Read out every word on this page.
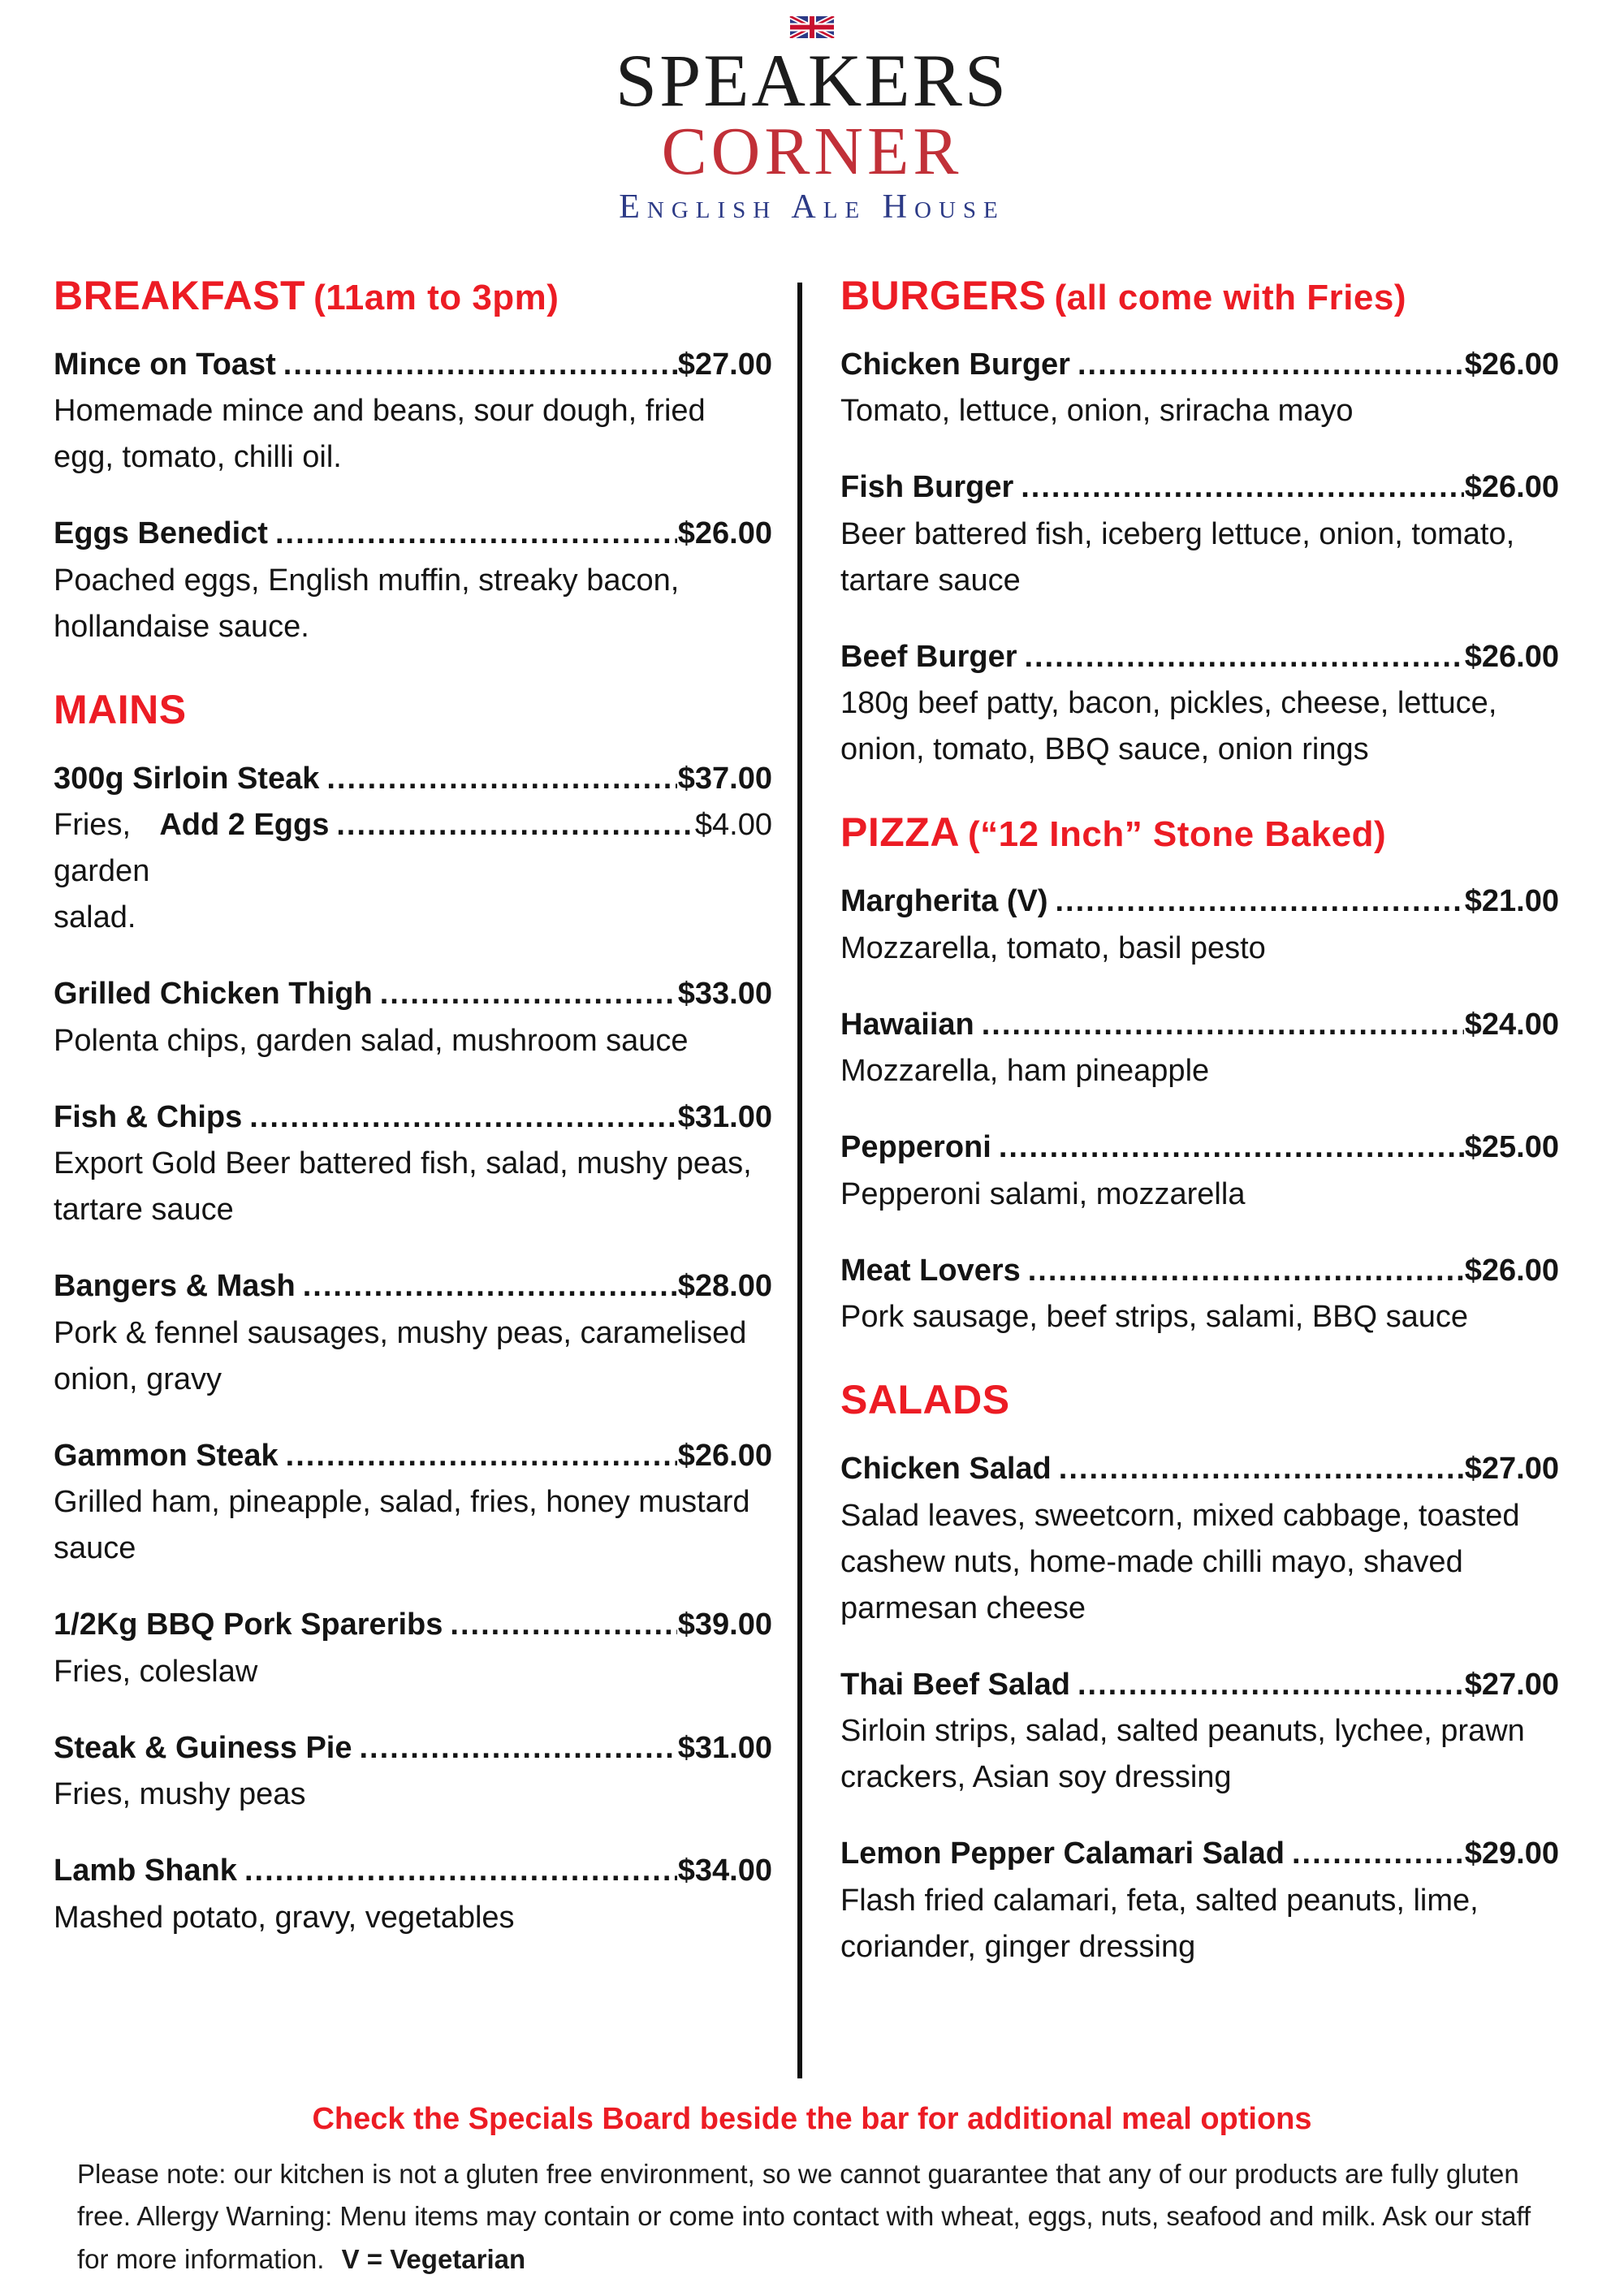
SPEAKERS
CORNER
English Ale House
BREAKFAST (11am to 3pm)
Mince on Toast .....	$27.00

Homemade mince and beans, sour dough, fried egg, tomato, chilli oil.

Eggs Benedict .....	$26.00

Poached eggs, English muffin, streaky bacon, hollandaise sauce.

MAINS
300g Sirloin Steak .....	$37.00
Fries, garden salad.
Add 2 Eggs .....	$4.00
Grilled Chicken Thigh .....	$33.00

Polenta chips, garden salad, mushroom sauce

Fish & Chips .....	$31.00

Export Gold Beer battered fish, salad, mushy peas, tartare sauce

Bangers & Mash .....	$28.00

Pork & fennel sausages, mushy peas, caramelised onion, gravy

Gammon Steak .....	$26.00

Grilled ham, pineapple, salad, fries, honey mustard sauce

1/2Kg BBQ Pork Spareribs .....	$39.00

Fries, coleslaw

Steak & Guiness Pie .....	$31.00

Fries, mushy peas

Lamb Shank .....	$34.00

Mashed potato, gravy, vegetables

BURGERS (all come with Fries)
Chicken Burger .....	$26.00

Tomato, lettuce, onion, sriracha mayo

Fish Burger .....	$26.00

Beer battered fish, iceberg lettuce, onion, tomato, tartare sauce

Beef Burger .....	$26.00

180g beef patty, bacon, pickles, cheese, lettuce, onion, tomato, BBQ sauce, onion rings

PIZZA (“12 Inch” Stone Baked)
Margherita (V) .....	$21.00

Mozzarella, tomato, basil pesto

Hawaiian .....	$24.00

Mozzarella, ham pineapple

Pepperoni .....	$25.00

Pepperoni salami, mozzarella

Meat Lovers .....	$26.00

Pork sausage, beef strips, salami, BBQ sauce

SALADS
Chicken Salad .....	$27.00

Salad leaves, sweetcorn, mixed cabbage, toasted cashew nuts, home-made chilli mayo, shaved parmesan cheese

Thai Beef Salad .....	$27.00

Sirloin strips, salad, salted peanuts, lychee, prawn crackers, Asian soy dressing

Lemon Pepper Calamari Salad .....	$29.00

Flash fried calamari, feta, salted peanuts, lime, coriander, ginger dressing

Check the Specials Board beside the bar for additional meal options

Please note: our kitchen is not a gluten free environment, so we cannot guarantee that any of our products are fully gluten free. Allergy Warning: Menu items may contain or come into contact with wheat, eggs, nuts, seafood and milk. Ask our staff for more information. V = Vegetarian
